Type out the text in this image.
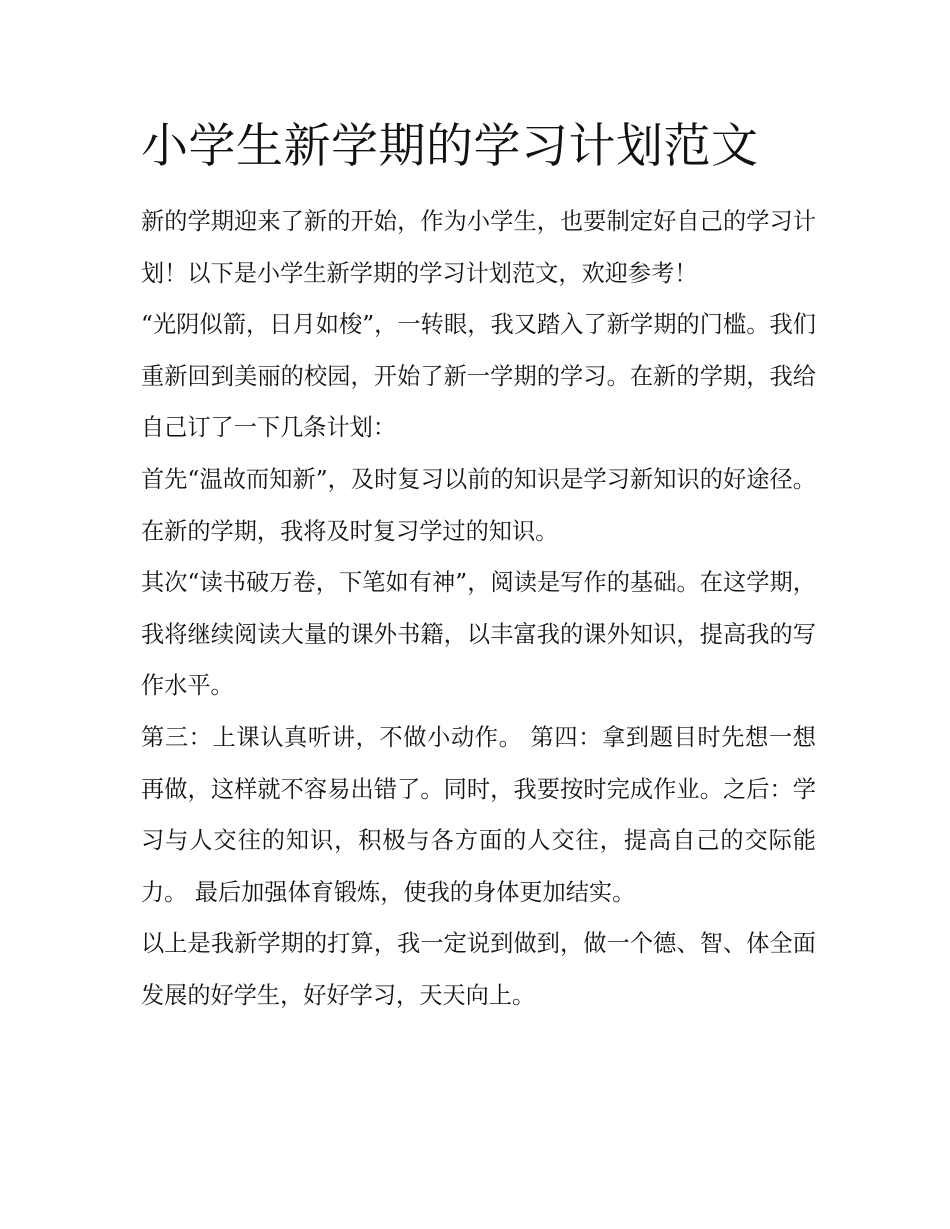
小学生新学期的学习计划范文

新的学期迎来了新的开始，作为小学生，也要制定好自己的学习计划！以下是小学生新学期的学习计划范文，欢迎参考！

“光阴似箭，日月如梭”，一转眼，我又踏入了新学期的门槛。我们重新回到美丽的校园，开始了新一学期的学习。在新的学期，我给自己订了一下几条计划：

首先“温故而知新”，及时复习以前的知识是学习新知识的好途径。在新的学期，我将及时复习学过的知识。

其次“读书破万卷，下笔如有神”，阅读是写作的基础。在这学期，我将继续阅读大量的课外书籍，以丰富我的课外知识，提高我的写作水平。

第三：上课认真听讲，不做小动作。 第四：拿到题目时先想一想再做，这样就不容易出错了。同时，我要按时完成作业。之后：学习与人交往的知识，积极与各方面的人交往，提高自己的交际能力。 最后加强体育锻炼，使我的身体更加结实。

以上是我新学期的打算，我一定说到做到，做一个德、智、体全面发展的好学生，好好学习，天天向上。
